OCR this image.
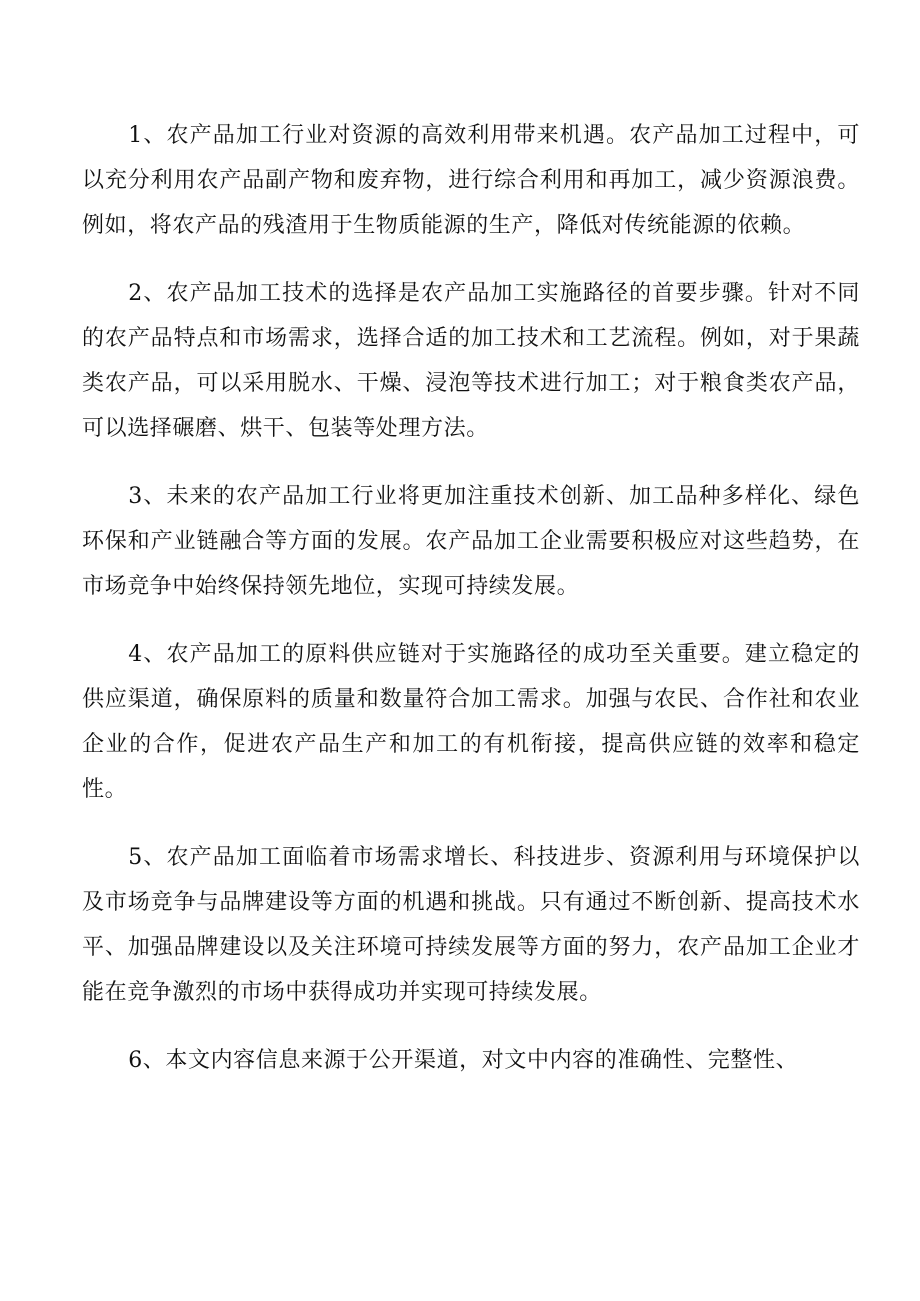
1、农产品加工行业对资源的高效利用带来机遇。农产品加工过程中，可以充分利用农产品副产物和废弃物，进行综合利用和再加工，减少资源浪费。例如，将农产品的残渣用于生物质能源的生产，降低对传统能源的依赖。

2、农产品加工技术的选择是农产品加工实施路径的首要步骤。针对不同的农产品特点和市场需求，选择合适的加工技术和工艺流程。例如，对于果蔬类农产品，可以采用脱水、干燥、浸泡等技术进行加工；对于粮食类农产品，可以选择碾磨、烘干、包装等处理方法。

3、未来的农产品加工行业将更加注重技术创新、加工品种多样化、绿色环保和产业链融合等方面的发展。农产品加工企业需要积极应对这些趋势，在市场竞争中始终保持领先地位，实现可持续发展。

4、农产品加工的原料供应链对于实施路径的成功至关重要。建立稳定的供应渠道，确保原料的质量和数量符合加工需求。加强与农民、合作社和农业企业的合作，促进农产品生产和加工的有机衔接，提高供应链的效率和稳定性。

5、农产品加工面临着市场需求增长、科技进步、资源利用与环境保护以及市场竞争与品牌建设等方面的机遇和挑战。只有通过不断创新、提高技术水平、加强品牌建设以及关注环境可持续发展等方面的努力，农产品加工企业才能在竞争激烈的市场中获得成功并实现可持续发展。

6、本文内容信息来源于公开渠道，对文中内容的准确性、完整性、
